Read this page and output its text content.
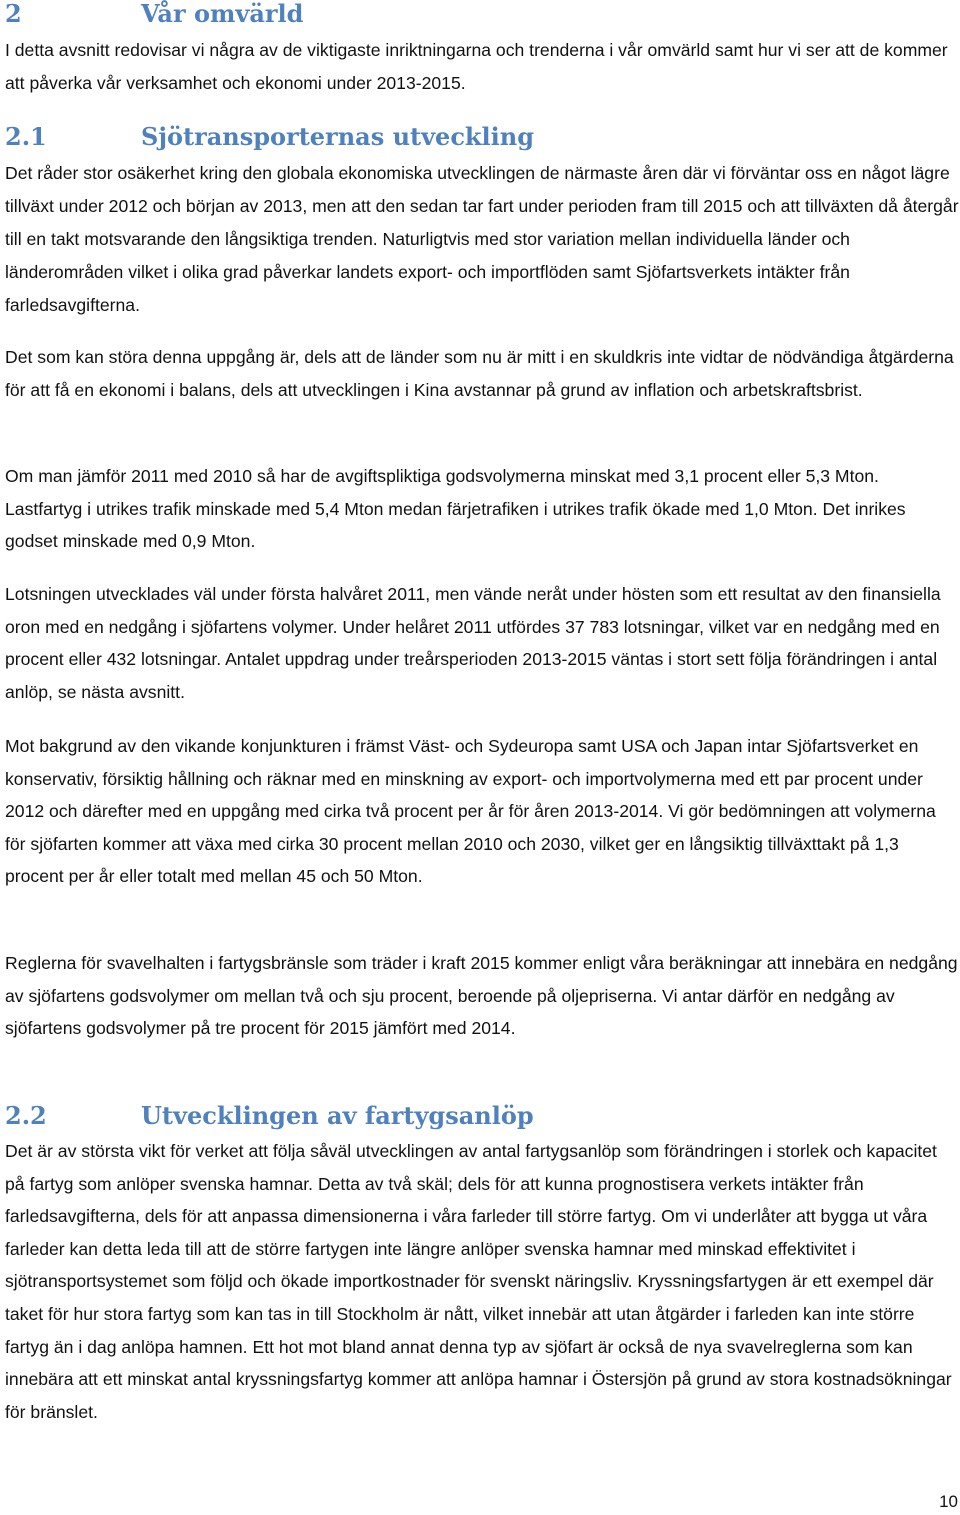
2	Vår omvärld

I detta avsnitt redovisar vi några av de viktigaste inriktningarna och trenderna i vår omvärld samt hur vi ser att de kommer att påverka vår verksamhet och ekonomi under 2013-2015.

2.1	Sjötransporternas utveckling

Det råder stor osäkerhet kring den globala ekonomiska utvecklingen de närmaste åren där vi förväntar oss en något lägre tillväxt under 2012 och början av 2013, men att den sedan tar fart under perioden fram till 2015 och att tillväxten då återgår till en takt motsvarande den långsiktiga trenden. Naturligtvis med stor variation mellan individuella länder och länderområden vilket i olika grad påverkar landets export- och importflöden samt Sjöfartsverkets intäkter från farledsavgifterna.

Det som kan störa denna uppgång är, dels att de länder som nu är mitt i en skuldkris inte vidtar de nödvändiga åtgärderna för att få en ekonomi i balans, dels att utvecklingen i Kina avstannar på grund av inflation och arbetskraftsbrist.

Om man jämför 2011 med 2010 så har de avgiftspliktiga godsvolymerna minskat med 3,1 procent eller 5,3 Mton. Lastfartyg i utrikes trafik minskade med 5,4 Mton medan färjetrafiken i utrikes trafik ökade med 1,0 Mton. Det inrikes godset minskade med 0,9 Mton.

Lotsningen utvecklades väl under första halvåret 2011, men vände neråt under hösten som ett resultat av den finansiella oron med en nedgång i sjöfartens volymer. Under helåret 2011 utfördes 37 783 lotsningar, vilket var en nedgång med en procent eller 432 lotsningar. Antalet uppdrag under treårsperioden 2013-2015 väntas i stort sett följa förändringen i antal anlöp, se nästa avsnitt.

Mot bakgrund av den vikande konjunkturen i främst Väst- och Sydeuropa samt USA och Japan intar Sjöfartsverket en konservativ, försiktig hållning och räknar med en minskning av export- och importvolymerna med ett par procent under 2012 och därefter med en uppgång med cirka två procent per år för åren 2013-2014. Vi gör bedömningen att volymerna för sjöfarten kommer att växa med cirka 30 procent mellan 2010 och 2030, vilket ger en långsiktig tillväxttakt på 1,3 procent per år eller totalt med mellan 45 och 50 Mton.

Reglerna för svavelhalten i fartygsbränsle som träder i kraft 2015 kommer enligt våra beräkningar att innebära en nedgång av sjöfartens godsvolymer om mellan två och sju procent, beroende på oljepriserna. Vi antar därför en nedgång av sjöfartens godsvolymer på tre procent för 2015 jämfört med 2014.

2.2	Utvecklingen av fartygsanlöp

Det är av största vikt för verket att följa såväl utvecklingen av antal fartygsanlöp som förändringen i storlek och kapacitet på fartyg som anlöper svenska hamnar. Detta av två skäl; dels för att kunna prognostisera verkets intäkter från farledsavgifterna, dels för att anpassa dimensionerna i våra farleder till större fartyg. Om vi underlåter att bygga ut våra farleder kan detta leda till att de större fartygen inte längre anlöper svenska hamnar med minskad effektivitet i sjötransportsystemet som följd och ökade importkostnader för svenskt näringsliv. Kryssningsfartygen är ett exempel där taket för hur stora fartyg som kan tas in till Stockholm är nått, vilket innebär att utan åtgärder i farleden kan inte större fartyg än i dag anlöpa hamnen. Ett hot mot bland annat denna typ av sjöfart är också de nya svavelreglerna som kan innebära att ett minskat antal kryssningsfartyg kommer att anlöpa hamnar i Östersjön på grund av stora kostnadsökningar för bränslet.

10
